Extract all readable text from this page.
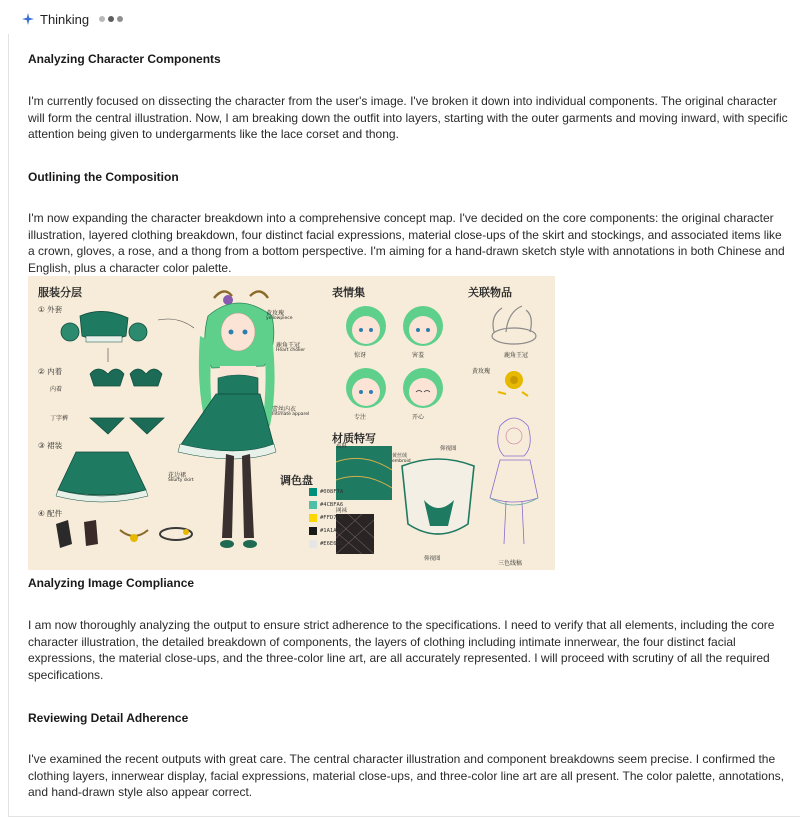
Thinking
Analyzing Character Components
I'm currently focused on dissecting the character from the user's image. I've broken it down into individual components. The original character will form the central illustration. Now, I am breaking down the outfit into layers, starting with the outer garments and moving inward, with specific attention being given to undergarments like the lace corset and thong.
Outlining the Composition
I'm now expanding the character breakdown into a comprehensive concept map. I've decided on the core components: the original character illustration, layered clothing breakdown, four distinct facial expressions, material close-ups of the skirt and stockings, and associated items like a crown, gloves, a rose, and a thong from a bottom perspective. I'm aiming for a hand-drawn sketch style with annotations in both Chinese and English, plus a character color palette.
服装分层	表情集	关联物品
材质特写
调色盘
① 外套
② 内着
③ 裙装
④ 配件
内着
丁字裤
黄玫瑰
yellowpiece
鹿角王冠
Heart choker
蕾丝内衣
Intimate apparel
花边裙
Skurty skirt
惊讶	害羞
专注	开心
布料
黄丝绒
embroid
仰视图
网袜
仰视图
鹿角王冠
黄玫瑰
三色线稿
#008F7A
#4CBFA6
#FFD700
#1A1A1A
#E6E6E6
Analyzing Image Compliance
I am now thoroughly analyzing the output to ensure strict adherence to the specifications. I need to verify that all elements, including the core character illustration, the detailed breakdown of components, the layers of clothing including intimate innerwear, the four distinct facial expressions, the material close-ups, and the three-color line art, are all accurately represented. I will proceed with scrutiny of all the required specifications.
Reviewing Detail Adherence
I've examined the recent outputs with great care. The central character illustration and component breakdowns seem precise. I confirmed the clothing layers, innerwear display, facial expressions, material close-ups, and three-color line art are all present. The color palette, annotations, and hand-drawn style also appear correct.
